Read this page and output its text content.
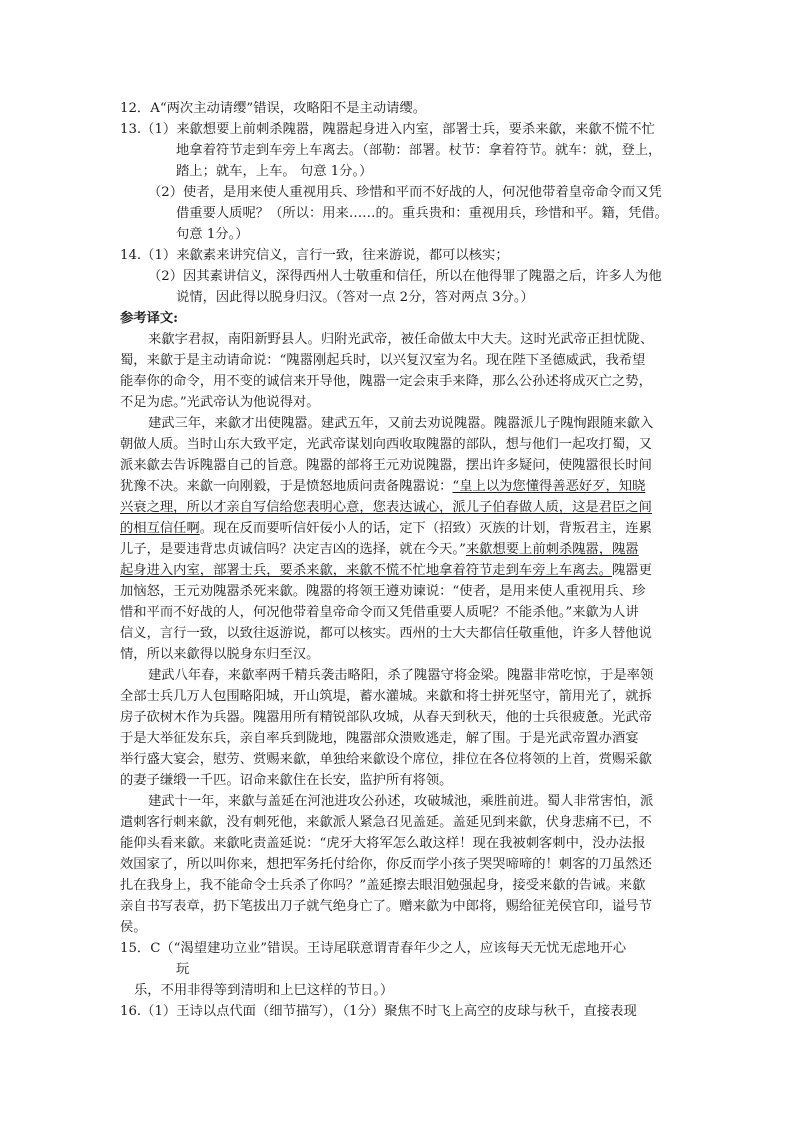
12．A“两次主动请缨”错误，攻略阳不是主动请缨。
13.（1）来歙想要上前刺杀隗嚣，隗嚣起身进入内室，部署士兵，要杀来歙，来歙不慌不忙
地拿着符节走到车旁上车离去。（部勒：部署。杖节：拿着符节。就车：就，登上，
踏上；就车，上车。 句意 1分。）
（2）使者，是用来使人重视用兵、珍惜和平而不好战的人，何况他带着皇帝命令而又凭
借重要人质呢？（所以：用来……的。重兵贵和：重视用兵，珍惜和平。籍，凭借。
句意 1分。）
14.（1）来歙素来讲究信义，言行一致，往来游说，都可以核实；
（2）因其素讲信义，深得西州人士敬重和信任，所以在他得罪了隗嚣之后，许多人为他
说情，因此得以脱身归汉。（答对一点 2分，答对两点 3分。）
参考译文:
来歙字君叔，南阳新野县人。归附光武帝，被任命做太中大夫。这时光武帝正担忧陇、
蜀，来歙于是主动请命说：“隗嚣刚起兵时，以兴复汉室为名。现在陛下圣德威武，我希望
能奉你的命令，用不变的诚信来开导他，隗嚣一定会束手来降，那么公孙述将成灭亡之势，
不足为虑。”光武帝认为他说得对。
建武三年，来歙才出使隗嚣。建武五年，又前去劝说隗嚣。隗嚣派儿子隗恂跟随来歙入
朝做人质。当时山东大致平定，光武帝谋划向西收取隗嚣的部队，想与他们一起攻打蜀，又
派来歙去告诉隗嚣自己的旨意。隗嚣的部将王元劝说隗嚣，摆出许多疑问，使隗嚣很长时间
犹豫不决。来歙一向刚毅，于是愤怒地质问责备隗嚣说：“皇上以为您懂得善恶好歹，知晓
兴衰之理，所以才亲自写信给您表明心意，您表达诚心，派儿子伯春做人质，这是君臣之间
的相互信任啊。现在反而要听信奸佞小人的话，定下（招致）灭族的计划，背叛君主，连累
儿子，是要违背忠贞诚信吗？决定吉凶的选择，就在今天。”来歙想要上前刺杀隗嚣，隗嚣
起身进入内室，部署士兵，要杀来歙，来歙不慌不忙地拿着符节走到车旁上车离去。隗嚣更
加恼怒，王元劝隗嚣杀死来歙。隗嚣的将领王遵劝谏说：“使者，是用来使人重视用兵、珍
惜和平而不好战的人，何况他带着皇帝命令而又凭借重要人质呢？不能杀他。”来歙为人讲
信义，言行一致，以致往返游说，都可以核实。西州的士大夫都信任敬重他，许多人替他说
情，所以来歙得以脱身东归至汉。
建武八年春，来歙率两千精兵袭击略阳，杀了隗嚣守将金梁。隗嚣非常吃惊，于是率领
全部士兵几万人包围略阳城，开山筑堤，蓄水灌城。来歙和将士拼死坚守，箭用光了，就拆
房子砍树木作为兵器。隗嚣用所有精锐部队攻城，从春天到秋天，他的士兵很疲惫。光武帝
于是大举征发东兵，亲自率兵到陇地，隗嚣部众溃败逃走，解了围。于是光武帝置办酒宴
举行盛大宴会，慰劳、赏赐来歙，单独给来歙设个席位，排位在各位将领的上首，赏赐采歙
的妻子缣缎一千匹。诏命来歙住在长安，监护所有将领。
建武十一年，来歙与盖延在河池进攻公孙述，攻破城池，乘胜前进。蜀人非常害怕，派
遣刺客行刺来歙，没有刺死他，来歙派人紧急召见盖延。盖延见到来歙，伏身悲痛不已，不
能仰头看来歙。来歙叱责盖延说：“虎牙大将军怎么敢这样！现在我被刺客刺中，没办法报
效国家了，所以叫你来，想把军务托付给你，你反而学小孩子哭哭啼啼的！刺客的刀虽然还
扎在我身上，我不能命令士兵杀了你吗？”盖延擦去眼泪勉强起身，接受来歙的告诫。来歙
亲自书写表章，扔下笔拔出刀子就气绝身亡了。赠来歙为中郎将，赐给征羌侯官印，谥号节
侯。
15．C（“渴望建功立业”错误。王诗尾联意谓青春年少之人，应该每天无忧无虑地开心
玩
乐，不用非得等到清明和上巳这样的节日。）
16.（1）王诗以点代面（细节描写），（1分）聚焦不时飞上高空的皮球与秋千，直接表现
